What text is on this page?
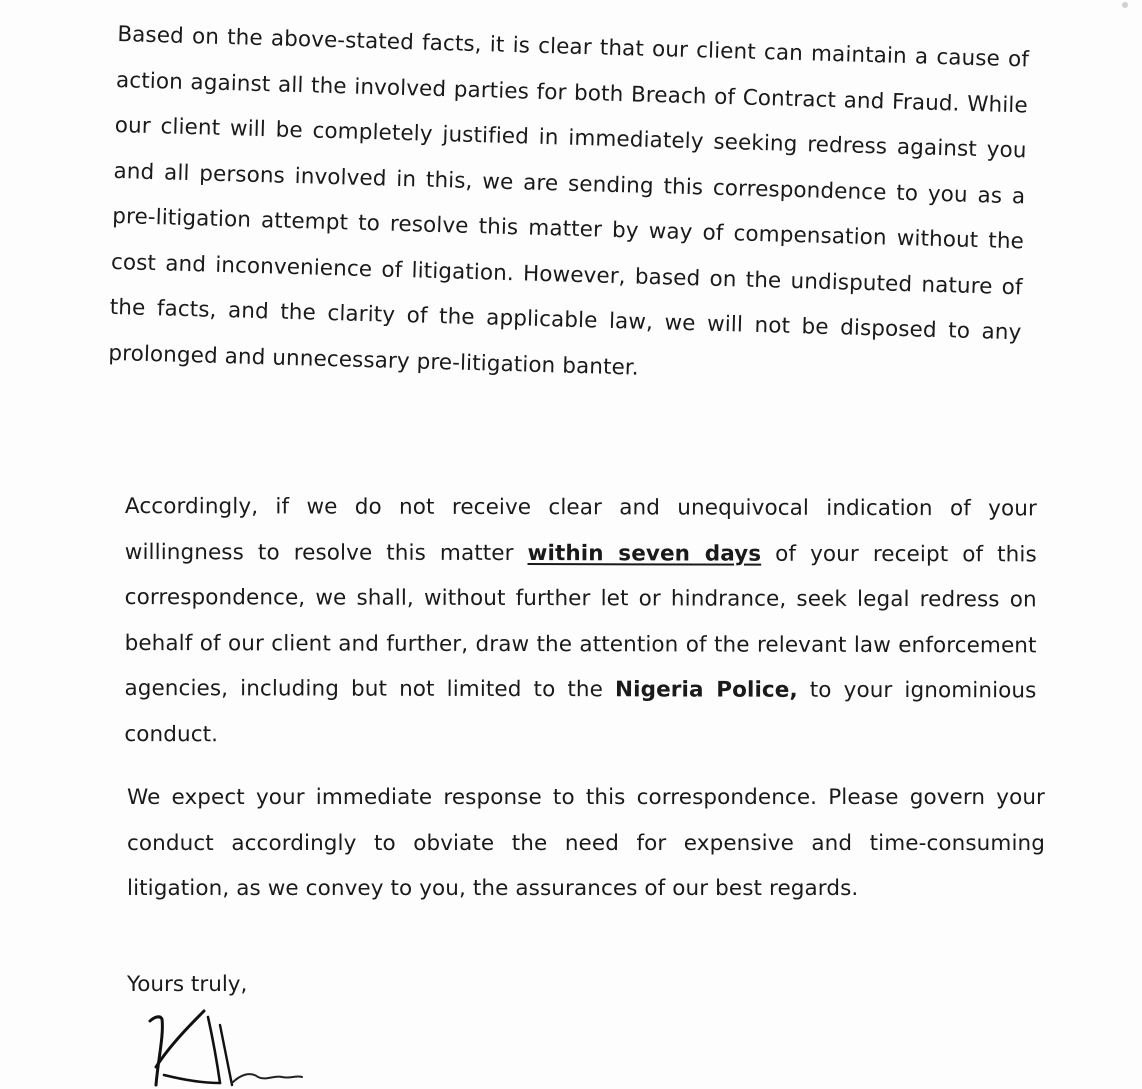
Based on the above-stated facts, it is clear that our client can maintain a cause of action against all the involved parties for both Breach of Contract and Fraud. While our client will be completely justified in immediately seeking redress against you and all persons involved in this, we are sending this correspondence to you as a pre-litigation attempt to resolve this matter by way of compensation without the cost and inconvenience of litigation. However, based on the undisputed nature of the facts, and the clarity of the applicable law, we will not be disposed to any prolonged and unnecessary pre-litigation banter.

Accordingly, if we do not receive clear and unequivocal indication of your willingness to resolve this matter within seven days of your receipt of this correspondence, we shall, without further let or hindrance, seek legal redress on behalf of our client and further, draw the attention of the relevant law enforcement agencies, including but not limited to the Nigeria Police, to your ignominious conduct.

We expect your immediate response to this correspondence. Please govern your conduct accordingly to obviate the need for expensive and time-consuming litigation, as we convey to you, the assurances of our best regards.

Yours truly,
